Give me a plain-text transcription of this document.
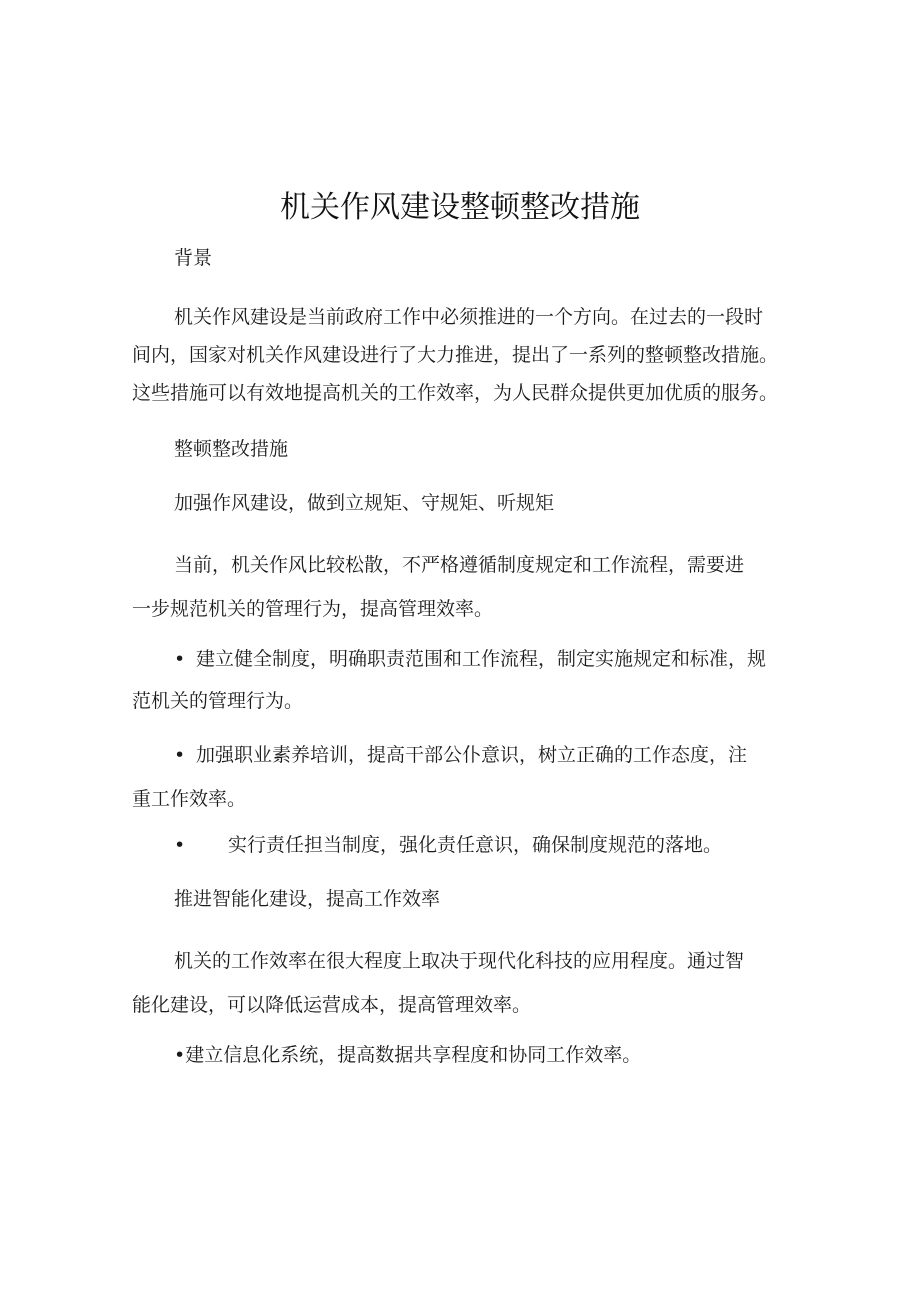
机关作风建设整顿整改措施
背景

机关作风建设是当前政府工作中必须推进的一个方向。在过去的一段时

间内，国家对机关作风建设进行了大力推进，提出了一系列的整顿整改措施。

这些措施可以有效地提高机关的工作效率，为人民群众提供更加优质的服务。

整顿整改措施
加强作风建设，做到立规矩、守规矩、听规矩

当前，机关作风比较松散，不严格遵循制度规定和工作流程，需要进

一步规范机关的管理行为，提高管理效率。

• 建立健全制度，明确职责范围和工作流程，制定实施规定和标准，规

范机关的管理行为。

• 加强职业素养培训，提高干部公仆意识，树立正确的工作态度，注

重工作效率。

• 实行责任担当制度，强化责任意识，确保制度规范的落地。
推进智能化建设，提高工作效率

机关的工作效率在很大程度上取决于现代化科技的应用程度。通过智

能化建设，可以降低运营成本，提高管理效率。

•建立信息化系统，提高数据共享程度和协同工作效率。
